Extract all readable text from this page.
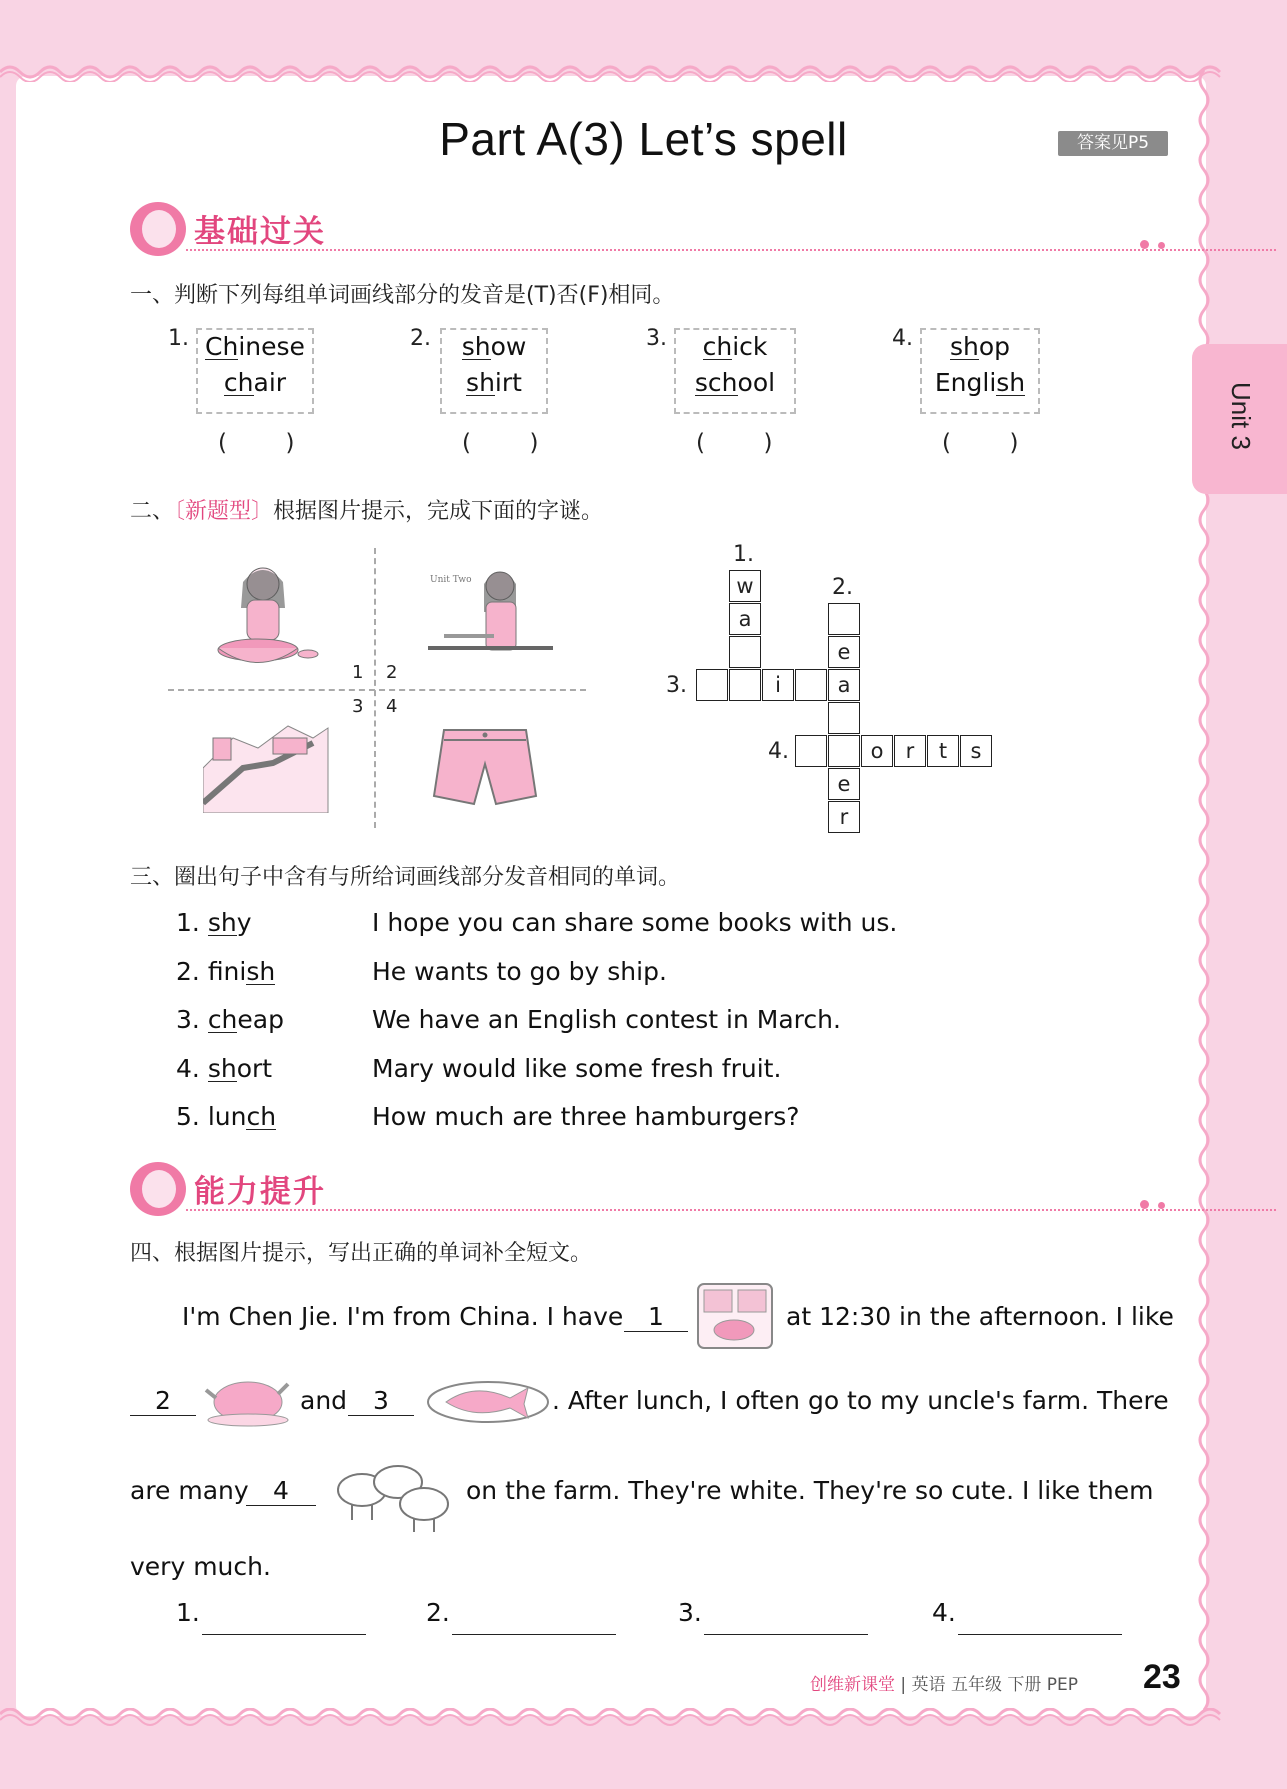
Part A(3) Let’s spell	答案见P5
Unit 3
基础过关
一、判断下列每组单词画线部分的发音是(T)否(F)相同。
1. Chinese
chair
(        )
2.	show
shirt
(        )
3.	chick
school
(        )
4.	shop
English
(        )
二、〔新题型〕根据图片提示，完成下面的字谜。
1 2
3 4
Unit Two	w
a
e
a
e
r
i
o	r	t	s
1.
2.
3.
4.
三、圈出句子中含有与所给词画线部分发音相同的单词。
1. shy	I hope you can share some books with us.
2. finish	He wants to go by ship.
3. cheap	We have an English contest in March.
4. short	Mary would like some fresh fruit.
5. lunch	How much are three hamburgers?
能力提升
四、根据图片提示，写出正确的单词补全短文。
I'm Chen Jie. I'm from China. I have 1	at 12:30 in the afternoon. I like
2	and	3	. After lunch, I often go to my uncle's farm. There
are many 4	on the farm. They're white. They're so cute. I like them
very much.
1.	2.	3.	4.
创维新课堂 | 英语 五年级 下册 PEP 23
